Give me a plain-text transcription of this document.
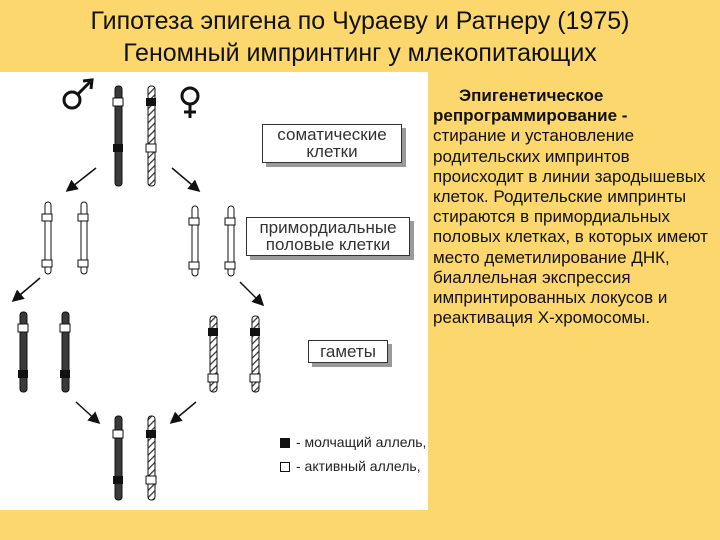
Гипотеза эпигена по Чураеву и Ратнеру (1975)
Геномный импринтинг у млекопитающих
соматические
клетки
примордиальные
половые клетки
гаметы
- молчащий аллель,
- активный аллель,
Эпигенетическое
репрограммирование -
стирание и установление родительских импринтов происходит в линии зародышевых клеток. Родительские импринты стираются в примордиальных половых клетках, в которых имеют место деметилирование ДНК, биаллельная экспрессия импринтированных локусов и реактивация Х-хромосомы.
